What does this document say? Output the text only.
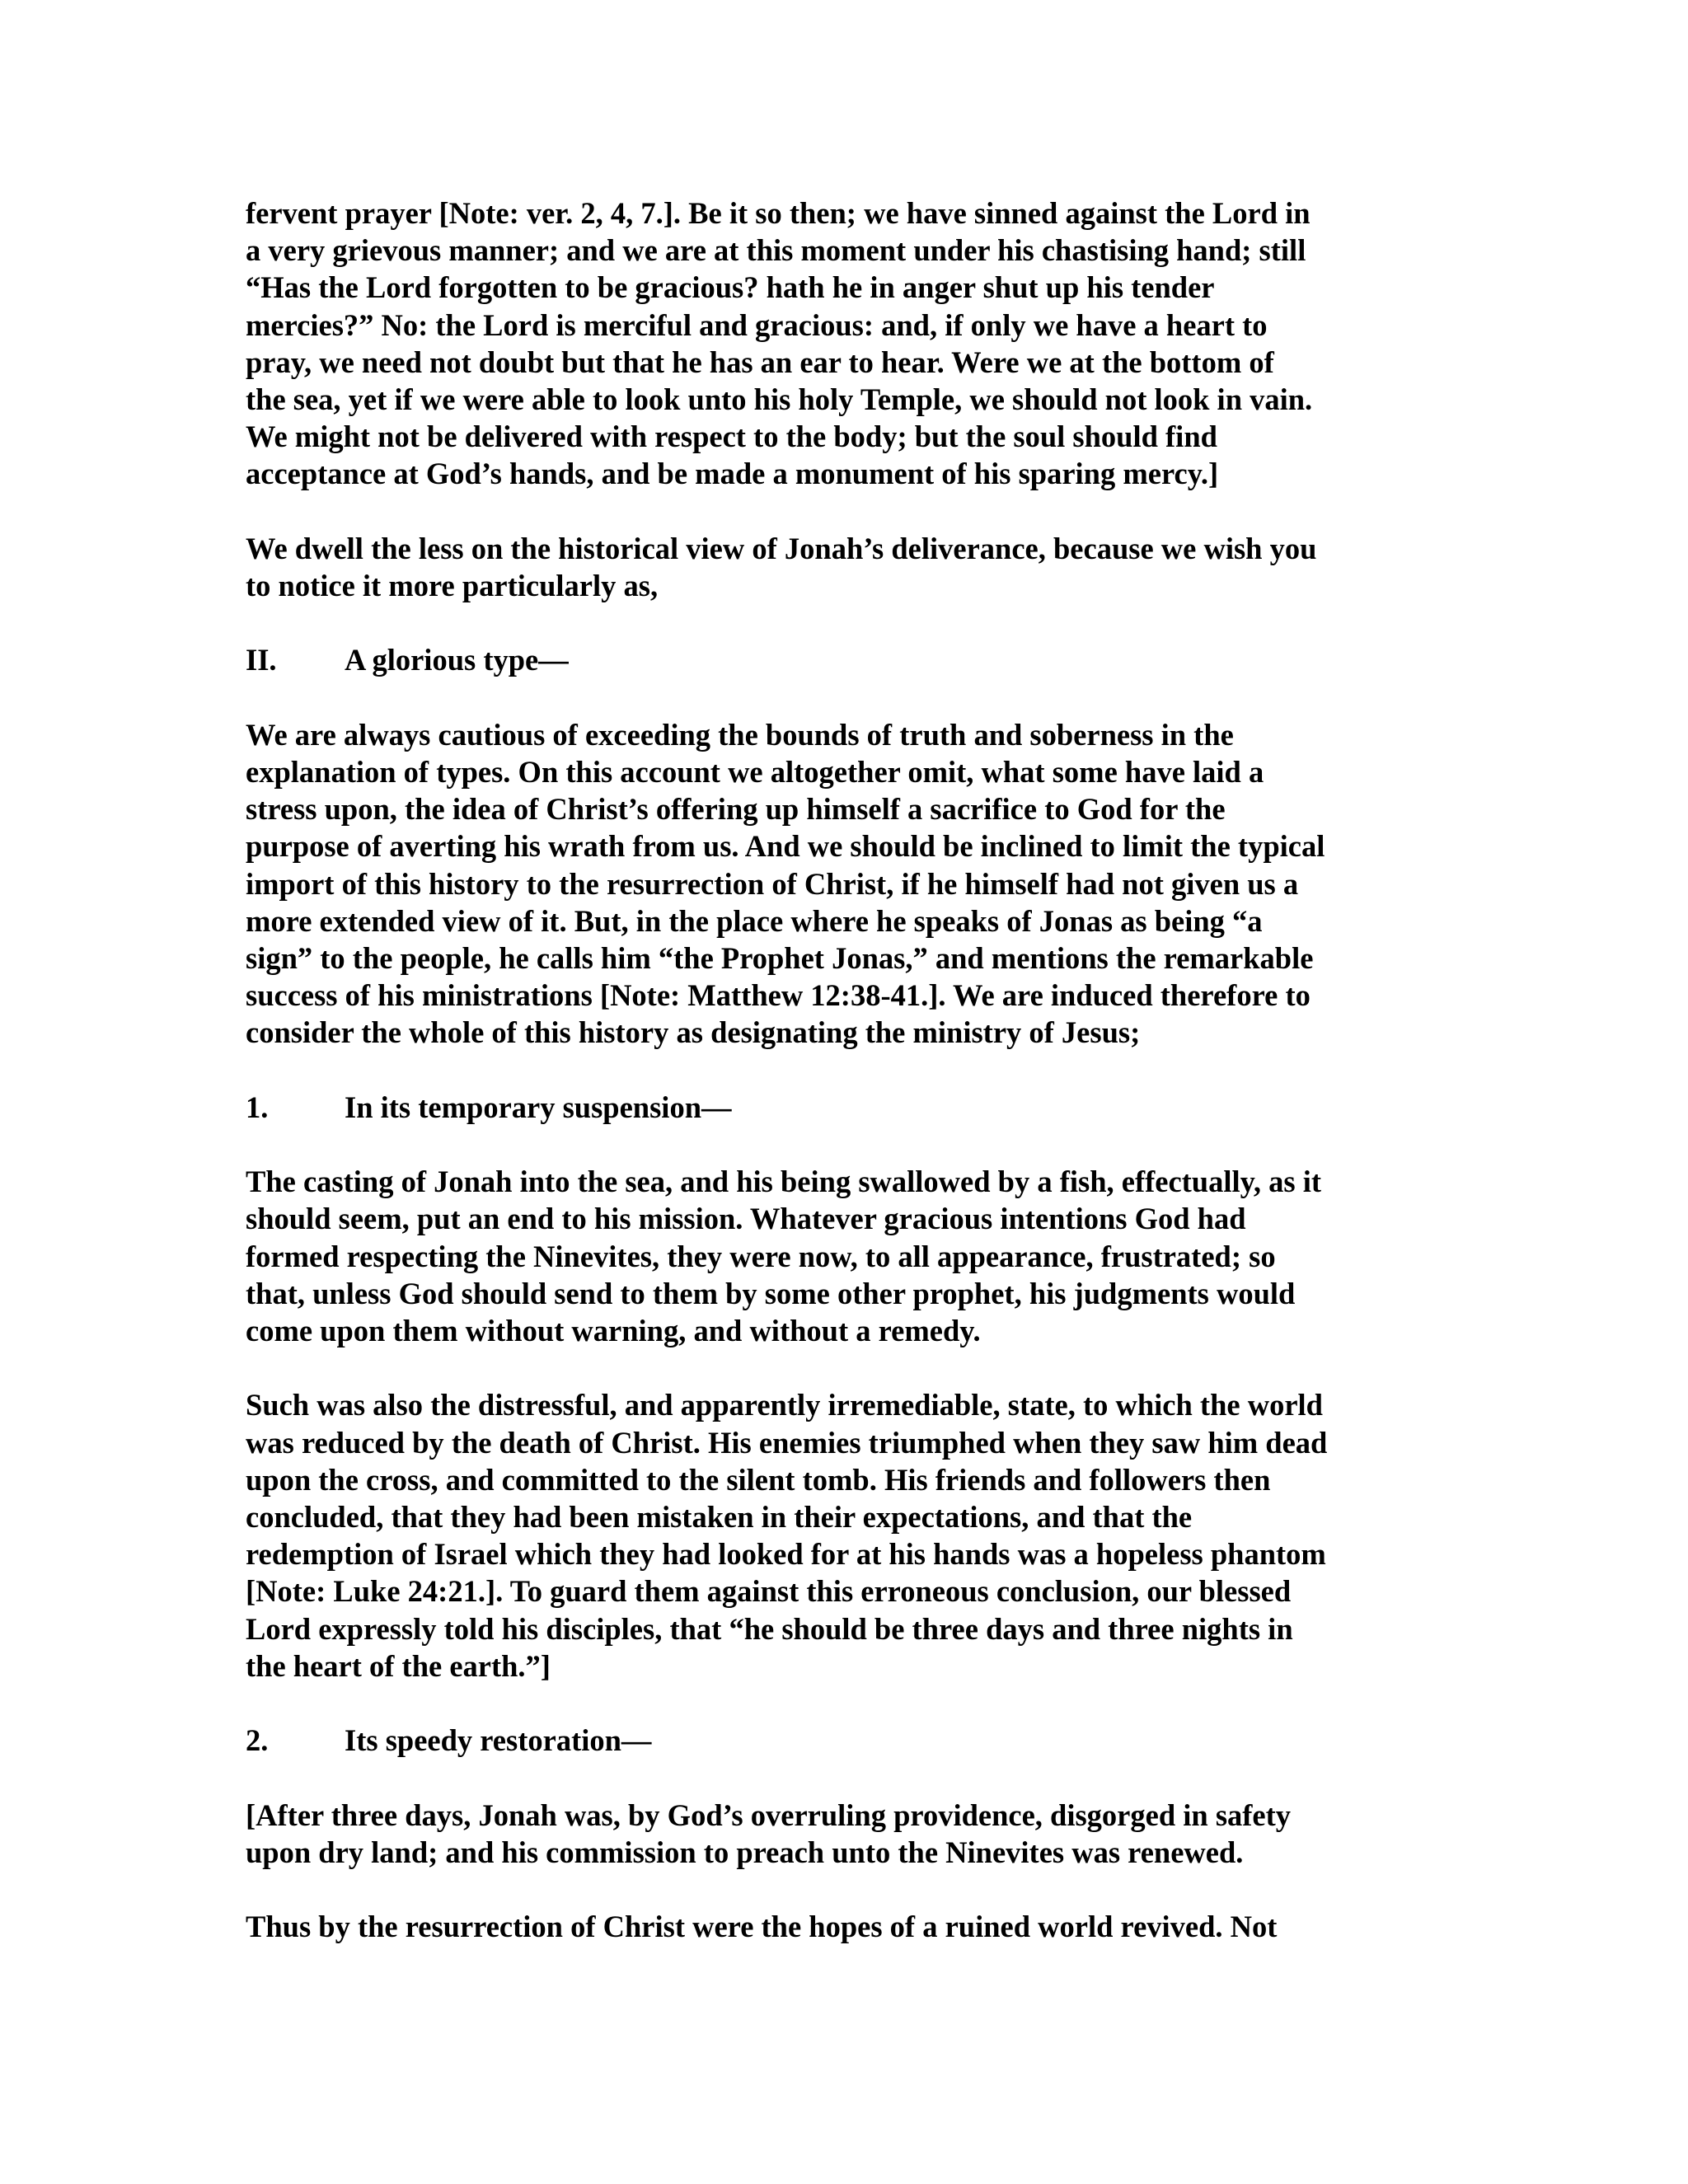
fervent prayer [Note: ver. 2, 4, 7.]. Be it so then; we have sinned against the Lord in
a very grievous manner; and we are at this moment under his chastising hand; still
“Has the Lord forgotten to be gracious? hath he in anger shut up his tender
mercies?” No: the Lord is merciful and gracious: and, if only we have a heart to
pray, we need not doubt but that he has an ear to hear. Were we at the bottom of
the sea, yet if we were able to look unto his holy Temple, we should not look in vain.
We might not be delivered with respect to the body; but the soul should find
acceptance at God’s hands, and be made a monument of his sparing mercy.]
We dwell the less on the historical view of Jonah’s deliverance, because we wish you
to notice it more particularly as,
II.	A glorious type—
We are always cautious of exceeding the bounds of truth and soberness in the
explanation of types. On this account we altogether omit, what some have laid a
stress upon, the idea of Christ’s offering up himself a sacrifice to God for the
purpose of averting his wrath from us. And we should be inclined to limit the typical
import of this history to the resurrection of Christ, if he himself had not given us a
more extended view of it. But, in the place where he speaks of Jonas as being “a
sign” to the people, he calls him “the Prophet Jonas,” and mentions the remarkable
success of his ministrations [Note: Matthew 12:38-41.]. We are induced therefore to
consider the whole of this history as designating the ministry of Jesus;
1.	In its temporary suspension—
The casting of Jonah into the sea, and his being swallowed by a fish, effectually, as it
should seem, put an end to his mission. Whatever gracious intentions God had
formed respecting the Ninevites, they were now, to all appearance, frustrated; so
that, unless God should send to them by some other prophet, his judgments would
come upon them without warning, and without a remedy.
Such was also the distressful, and apparently irremediable, state, to which the world
was reduced by the death of Christ. His enemies triumphed when they saw him dead
upon the cross, and committed to the silent tomb. His friends and followers then
concluded, that they had been mistaken in their expectations, and that the
redemption of Israel which they had looked for at his hands was a hopeless phantom
[Note: Luke 24:21.]. To guard them against this erroneous conclusion, our blessed
Lord expressly told his disciples, that “he should be three days and three nights in
the heart of the earth.”]
2.	Its speedy restoration—
[After three days, Jonah was, by God’s overruling providence, disgorged in safety
upon dry land; and his commission to preach unto the Ninevites was renewed.
Thus by the resurrection of Christ were the hopes of a ruined world revived. Not
